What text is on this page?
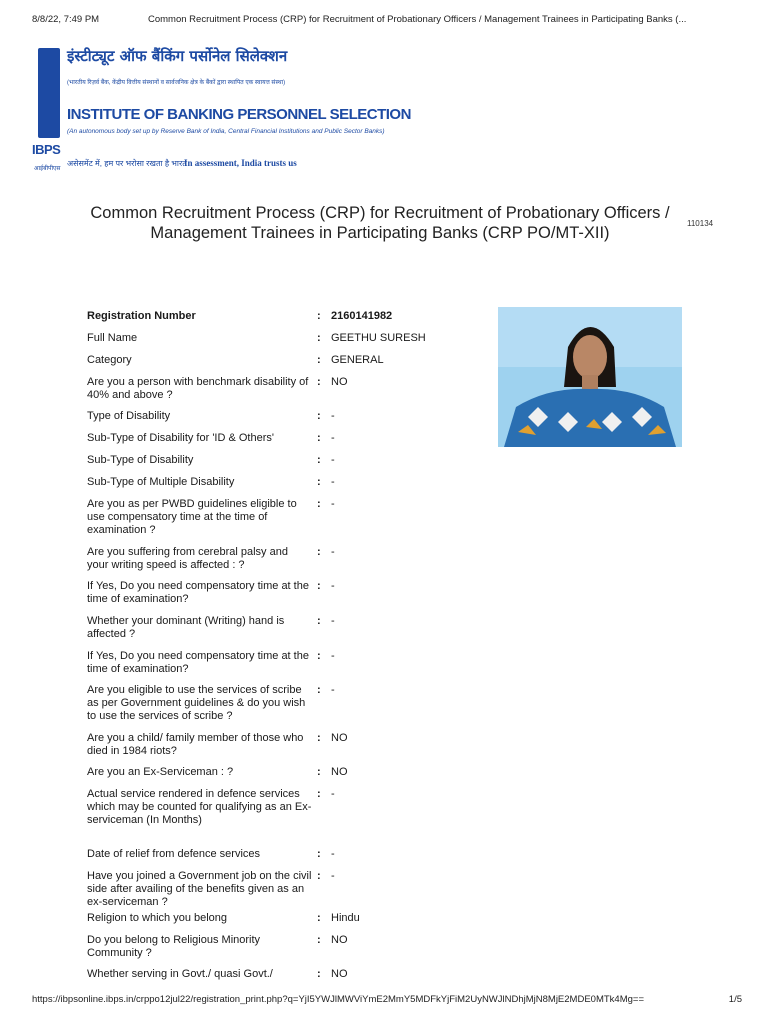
8/8/22, 7:49 PM	Common Recruitment Process (CRP) for Recruitment of Probationary Officers / Management Trainees in Participating Banks (...
IBPS
आईबीपीएस
इंस्टीट्यूट ऑफ बैंकिंग पर्सोनेल सिलेक्शन
(भारतीय रिज़र्व बैंक, केंद्रीय वित्तीय संस्थानों व सार्वजनिक क्षेत्र के बैंकों द्वारा स्थापित एक स्वायत्त संस्था)
INSTITUTE OF BANKING PERSONNEL SELECTION
(An autonomous body set up by Reserve Bank of India, Central Financial Institutions and Public Sector Banks)
असेसमेंट में, हम पर भरोसा रखता है भारत
In assessment, India trusts us
Common Recruitment Process (CRP) for Recruitment of Probationary Officers /
Management Trainees in Participating Banks (CRP PO/MT-XII)
110134
Registration Number	: 2160141982
Full Name	: GEETHU SURESH
Category	: GENERAL
Are you a person with benchmark disability of 40% and above ?
: NO
Type of Disability	: -
Sub-Type of Disability for 'ID & Others'	: -
Sub-Type of Disability	: -
Sub-Type of Multiple Disability	: -
Are you as per PWBD guidelines eligible to use compensatory time at the time of examination ?
: -
Are you suffering from cerebral palsy and your writing speed is affected : ?
: -
If Yes, Do you need compensatory time at the time of examination?
: -
Whether your dominant (Writing) hand is affected ?
: -
If Yes, Do you need compensatory time at the time of examination?
: -
Are you eligible to use the services of scribe as per Government guidelines & do you wish to use the services of scribe ?
: -
Are you a child/ family member of those who died in 1984 riots?
: NO
Are you an Ex-Serviceman : ?	: NO
Actual service rendered in defence services which may be counted for qualifying as an Ex-serviceman (In Months)
: -
Date of relief from defence services	: -
Have you joined a Government job on the civil side after availing of the benefits given as an ex-serviceman ?
: -
Religion to which you belong	: Hindu
Do you belong to Religious Minority Community ?
: NO
Whether serving in Govt./ quasi Govt./	: NO
https://ibpsonline.ibps.in/crppo12jul22/registration_print.php?q=YjI5YWJlMWViYmE2MmY5MDFkYjFiM2UyNWJlNDhjMjN8MjE2MDE0MTk4Mg==	1/5
